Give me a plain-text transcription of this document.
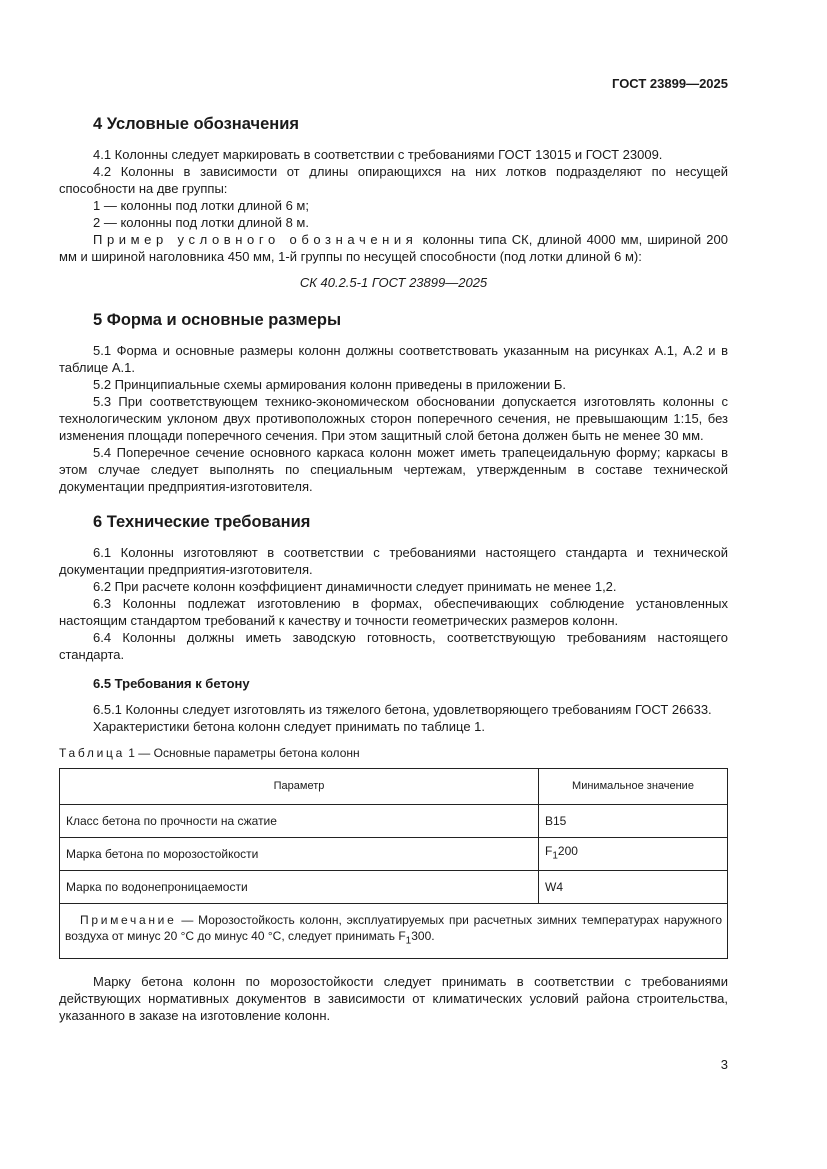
ГОСТ 23899—2025
4 Условные обозначения

4.1 Колонны следует маркировать в соответствии с требованиями ГОСТ 13015 и ГОСТ 23009.

4.2 Колонны в зависимости от длины опирающихся на них лотков подразделяют по несущей способности на две группы:

1 — колонны под лотки длиной 6 м;

2 — колонны под лотки длиной 8 м.

Пример условного обозначения колонны типа СК, длиной 4000 мм, шириной 200 мм и шириной наголовника 450 мм, 1-й группы по несущей способности (под лотки длиной 6 м):

СК 40.2.5-1 ГОСТ 23899—2025
5 Форма и основные размеры

5.1 Форма и основные размеры колонн должны соответствовать указанным на рисунках А.1, А.2 и в таблице А.1.

5.2 Принципиальные схемы армирования колонн приведены в приложении Б.

5.3 При соответствующем технико-экономическом обосновании допускается изготовлять колонны с технологическим уклоном двух противоположных сторон поперечного сечения, не превышающим 1:15, без изменения площади поперечного сечения. При этом защитный слой бетона должен быть не менее 30 мм.

5.4 Поперечное сечение основного каркаса колонн может иметь трапецеидальную форму; каркасы в этом случае следует выполнять по специальным чертежам, утвержденным в составе технической документации предприятия-изготовителя.

6 Технические требования

6.1 Колонны изготовляют в соответствии с требованиями настоящего стандарта и технической документации предприятия-изготовителя.

6.2 При расчете колонн коэффициент динамичности следует принимать не менее 1,2.

6.3 Колонны подлежат изготовлению в формах, обеспечивающих соблюдение установленных настоящим стандартом требований к качеству и точности геометрических размеров колонн.

6.4 Колонны должны иметь заводскую готовность, соответствующую требованиям настоящего стандарта.

6.5 Требования к бетону

6.5.1 Колонны следует изготовлять из тяжелого бетона, удовлетворяющего требованиям ГОСТ 26633.

Характеристики бетона колонн следует принимать по таблице 1.

Таблица 1 — Основные параметры бетона колонн
Параметр	Минимальное значение
Класс бетона по прочности на сжатие	B15
Марка бетона по морозостойкости	$F_1200$
Марка по водонепроницаемости	W4
Примечание — Морозостойкость колонн, эксплуатируемых при расчетных зимних температурах наружного воздуха от минус 20 °С до минус 40 °С, следует принимать $F_1300$.	

Марку бетона колонн по морозостойкости следует принимать в соответствии с требованиями действующих нормативных документов в зависимости от климатических условий района строительства, указанного в заказе на изготовление колонн.

3
